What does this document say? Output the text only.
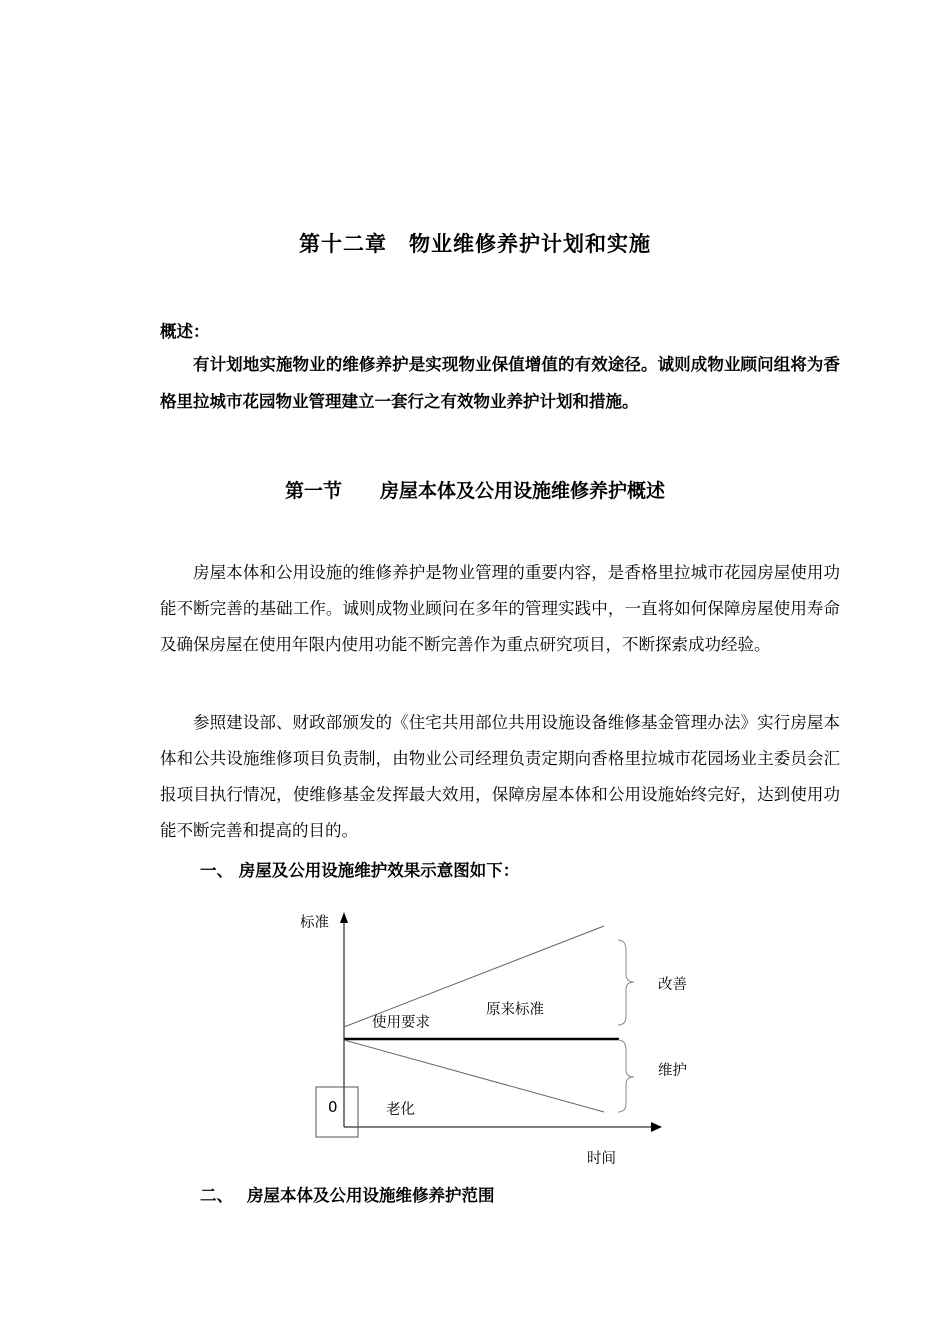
第十二章　物业维修养护计划和实施
概述：
有计划地实施物业的维修养护是实现物业保值增值的有效途径。诚则成物业顾问组将为香格里拉城市花园物业管理建立一套行之有效物业养护计划和措施。
第一节　　房屋本体及公用设施维修养护概述
房屋本体和公用设施的维修养护是物业管理的重要内容，是香格里拉城市花园房屋使用功能不断完善的基础工作。诚则成物业顾问在多年的管理实践中，一直将如何保障房屋使用寿命及确保房屋在使用年限内使用功能不断完善作为重点研究项目，不断探索成功经验。
参照建设部、财政部颁发的《住宅共用部位共用设施设备维修基金管理办法》实行房屋本体和公共设施维修项目负责制，由物业公司经理负责定期向香格里拉城市花园场业主委员会汇报项目执行情况，使维修基金发挥最大效用，保障房屋本体和公用设施始终完好，达到使用功能不断完善和提高的目的。
一、 房屋及公用设施维护效果示意图如下：
标准
使用要求
原来标准
改善
维护
老化
0
时间
二、　 房屋本体及公用设施维修养护范围
